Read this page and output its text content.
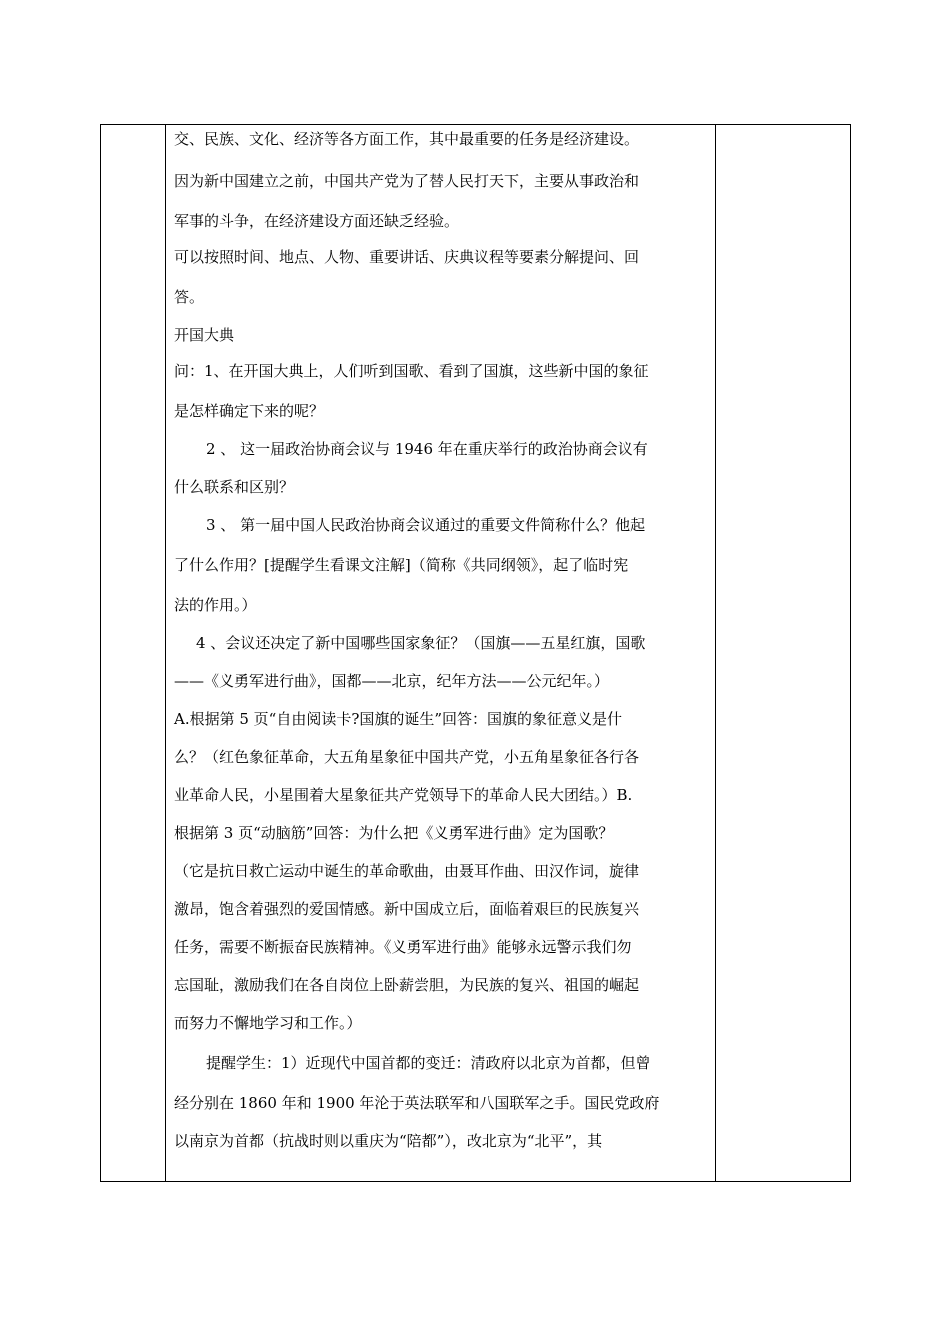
交、民族、文化、经济等各方面工作，其中最重要的任务是经济建设。
因为新中国建立之前，中国共产党为了替人民打天下，主要从事政治和
军事的斗争，在经济建设方面还缺乏经验。
可以按照时间、地点、人物、重要讲话、庆典议程等要素分解提问、回
答。
开国大典
问：1、在开国大典上，人们听到国歌、看到了国旗，这些新中国的象征
是怎样确定下来的呢？
2 、 这一届政治协商会议与 1946 年在重庆举行的政治协商会议有
什么联系和区别？
3 、 第一届中国人民政治协商会议通过的重要文件简称什么？他起
了什么作用？[提醒学生看课文注解]（简称《共同纲领》，起了临时宪
法的作用。）
4 、会议还决定了新中国哪些国家象征？（国旗——五星红旗，国歌
——《义勇军进行曲》，国都——北京，纪年方法——公元纪年。）
A.根据第 5 页“自由阅读卡?国旗的诞生”回答：国旗的象征意义是什
么？（红色象征革命，大五角星象征中国共产党，小五角星象征各行各
业革命人民，小星围着大星象征共产党领导下的革命人民大团结。）B.
根据第 3 页“动脑筋”回答：为什么把《义勇军进行曲》定为国歌？
（它是抗日救亡运动中诞生的革命歌曲，由聂耳作曲、田汉作词，旋律
激昂，饱含着强烈的爱国情感。新中国成立后，面临着艰巨的民族复兴
任务，需要不断振奋民族精神。《义勇军进行曲》能够永远警示我们勿
忘国耻，激励我们在各自岗位上卧薪尝胆，为民族的复兴、祖国的崛起
而努力不懈地学习和工作。）
提醒学生：1）近现代中国首都的变迁：清政府以北京为首都，但曾
经分别在 1860 年和 1900 年沦于英法联军和八国联军之手。国民党政府
以南京为首都（抗战时则以重庆为“陪都”），改北京为“北平”，其
